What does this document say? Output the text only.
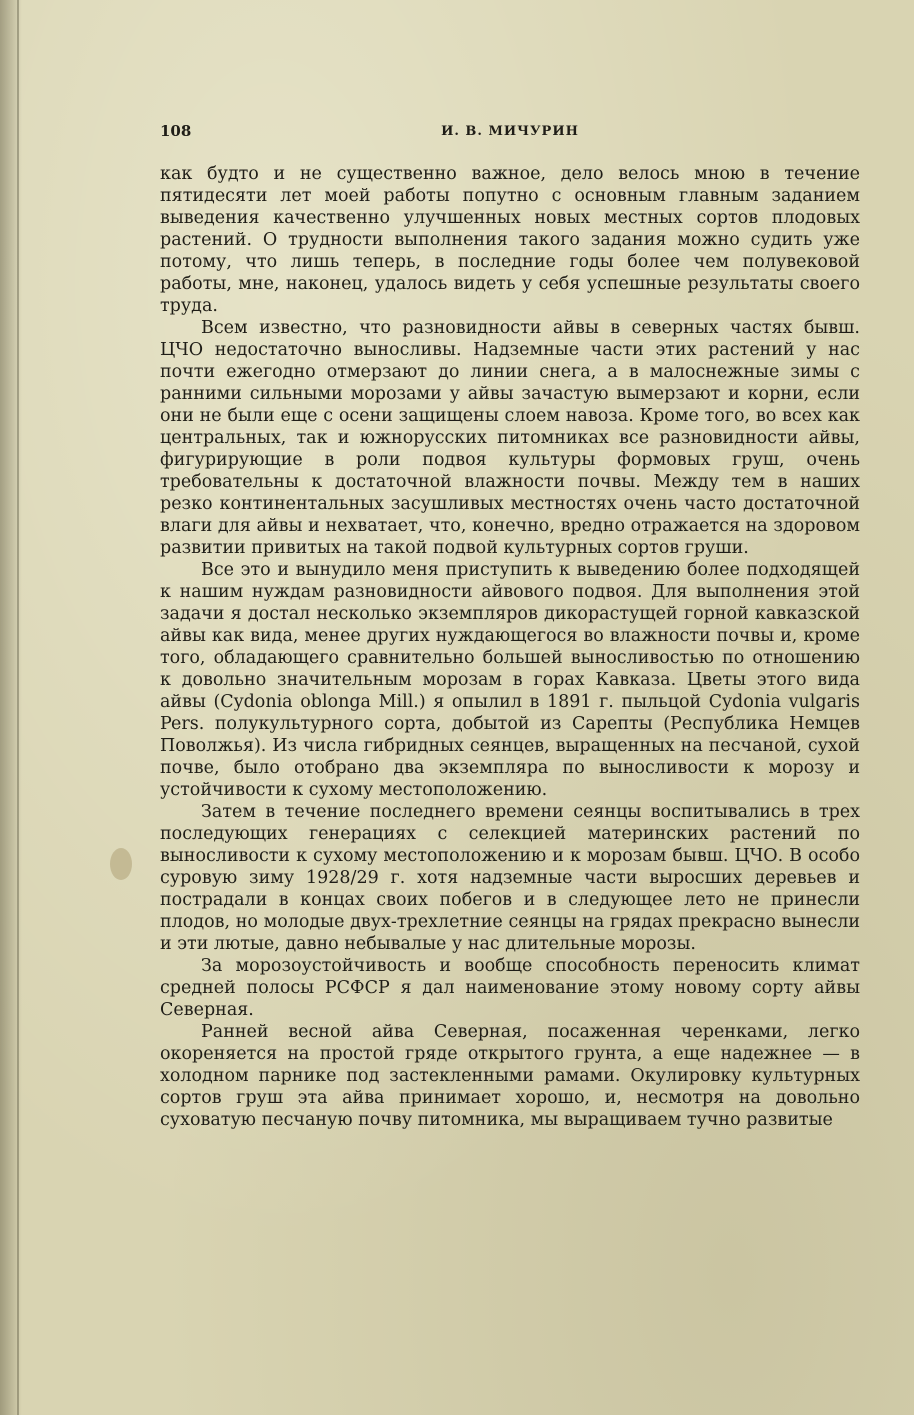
108	И. В. МИЧУРИН

как будто и не существенно важное, дело велось мною в течение пятидесяти лет моей работы попутно с основным главным заданием выведения качественно улучшенных новых местных сортов плодовых растений. О трудности выполнения такого задания можно судить уже потому, что лишь теперь, в последние годы более чем полувековой работы, мне, наконец, удалось видеть у себя успешные результаты своего труда.

Всем известно, что разновидности айвы в северных частях бывш. ЦЧО недостаточно выносливы. Надземные части этих растений у нас почти ежегодно отмерзают до линии снега, а в малоснежные зимы с ранними сильными морозами у айвы зачастую вымерзают и корни, если они не были еще с осени защищены слоем навоза. Кроме того, во всех как центральных, так и южнорусских питомниках все разновидности айвы, фигурирующие в роли подвоя культуры формовых груш, очень требовательны к достаточной влажности почвы. Между тем в наших резко континентальных засушливых местностях очень часто достаточной влаги для айвы и нехватает, что, конечно, вредно отражается на здоровом развитии привитых на такой подвой культурных сортов груши.

Все это и вынудило меня приступить к выведению более подходящей к нашим нуждам разновидности айвового подвоя. Для выполнения этой задачи я достал несколько экземпляров дикорастущей горной кавказской айвы как вида, менее других нуждающегося во влажности почвы и, кроме того, обладающего сравнительно большей выносливостью по отношению к довольно значительным морозам в горах Кавказа. Цветы этого вида айвы (Cydonia oblonga Mill.) я опылил в 1891 г. пыльцой Cydonia vulgaris Pers. полукультурного сорта, добытой из Сарепты (Республика Немцев Поволжья). Из числа гибридных сеянцев, выращенных на песчаной, сухой почве, было отобрано два экземпляра по выносливости к морозу и устойчивости к сухому местоположению.

Затем в течение последнего времени сеянцы воспитывались в трех последующих генерациях с селекцией материнских растений по выносливости к сухому местоположению и к морозам бывш. ЦЧО. В особо суровую зиму 1928/29 г. хотя надземные части выросших деревьев и пострадали в концах своих побегов и в следующее лето не принесли плодов, но молодые двух-трехлетние сеянцы на грядах прекрасно вынесли и эти лютые, давно небывалые у нас длительные морозы.

За морозоустойчивость и вообще способность переносить климат средней полосы РСФСР я дал наименование этому новому сорту айвы Северная.

Ранней весной айва Северная, посаженная черенками, легко окореняется на простой гряде открытого грунта, а еще надежнее — в холодном парнике под застекленными рамами. Окулировку культурных сортов груш эта айва принимает хорошо, и, несмотря на довольно суховатую песчаную почву питомника, мы выращиваем тучно развитые
